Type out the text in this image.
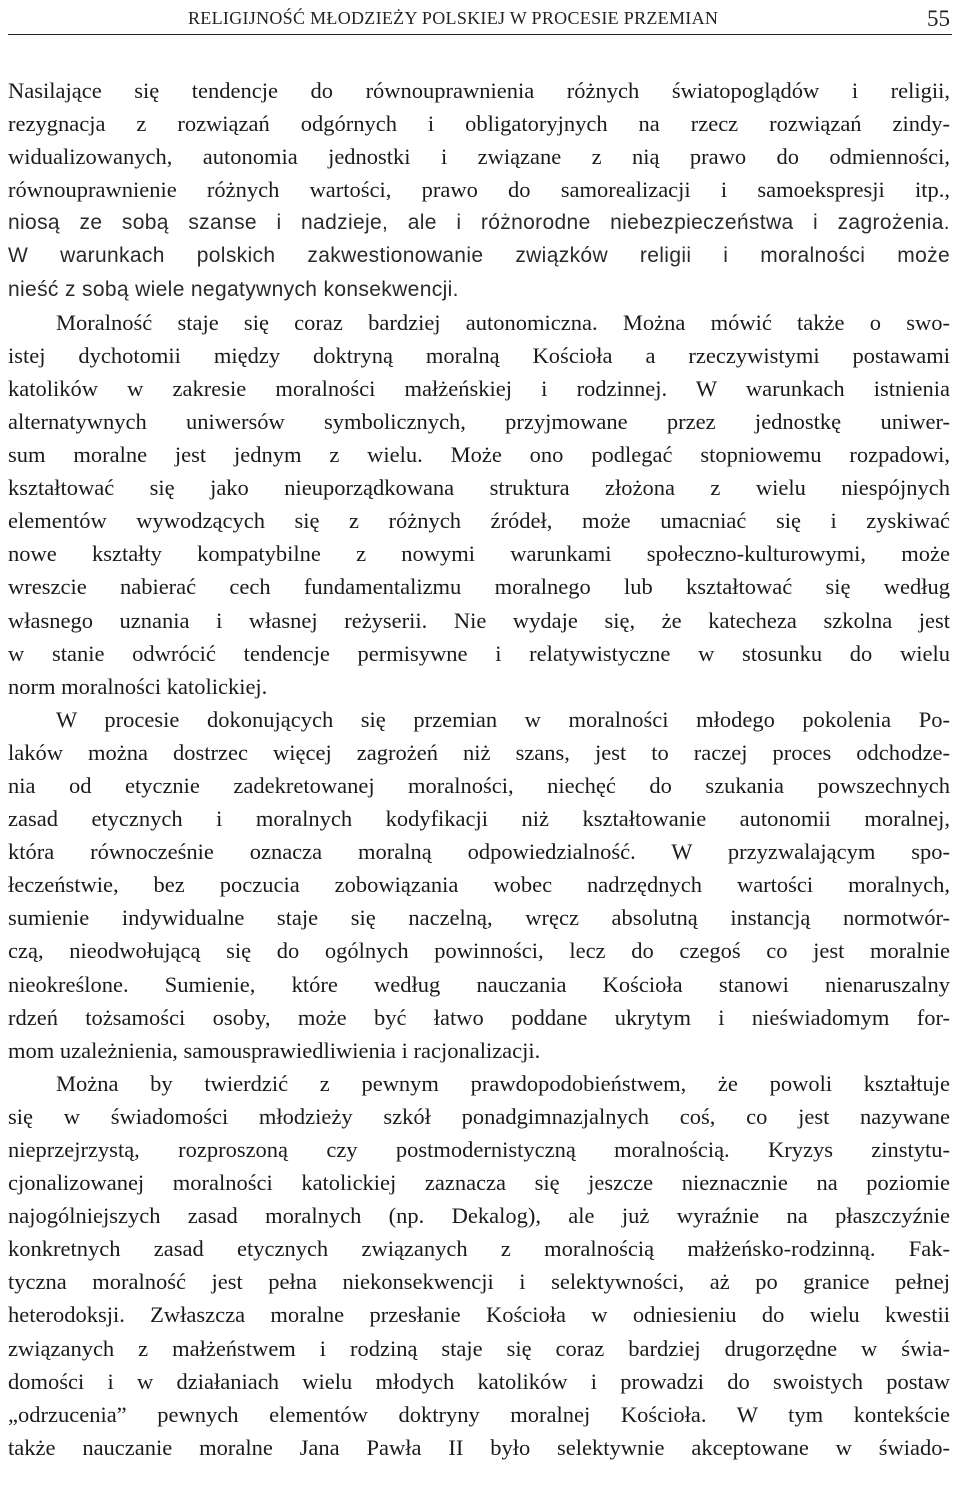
RELIGIJNOŚĆ MŁODZIEŻY POLSKIEJ W PROCESIE PRZEMIAN	55

Nasilające się tendencje do równouprawnienia różnych światopoglądów i religii,
rezygnacja z rozwiązań odgórnych i obligatoryjnych na rzecz rozwiązań zindy-
widualizowanych, autonomia jednostki i związane z nią prawo do odmienności,
równouprawnienie różnych wartości, prawo do samorealizacji i samoekspresji itp.,
niosą ze sobą szanse i nadzieje, ale i różnorodne niebezpieczeństwa i zagrożenia.
W warunkach polskich zakwestionowanie związków religii i moralności może
nieść z sobą wiele negatywnych konsekwencji.

Moralność staje się coraz bardziej autonomiczna. Można mówić także o swo-
istej dychotomii między doktryną moralną Kościoła a rzeczywistymi postawami
katolików w zakresie moralności małżeńskiej i rodzinnej. W warunkach istnienia
alternatywnych uniwersów symbolicznych, przyjmowane przez jednostkę uniwer-
sum moralne jest jednym z wielu. Może ono podlegać stopniowemu rozpadowi,
kształtować się jako nieuporządkowana struktura złożona z wielu niespójnych
elementów wywodzących się z różnych źródeł, może umacniać się i zyskiwać
nowe kształty kompatybilne z nowymi warunkami społeczno-kulturowymi, może
wreszcie nabierać cech fundamentalizmu moralnego lub kształtować się według
własnego uznania i własnej reżyserii. Nie wydaje się, że katecheza szkolna jest
w stanie odwrócić tendencje permisywne i relatywistyczne w stosunku do wielu
norm moralności katolickiej.

W procesie dokonujących się przemian w moralności młodego pokolenia Po-
laków można dostrzec więcej zagrożeń niż szans, jest to raczej proces odchodze-
nia od etycznie zadekretowanej moralności, niechęć do szukania powszechnych
zasad etycznych i moralnych kodyfikacji niż kształtowanie autonomii moralnej,
która równocześnie oznacza moralną odpowiedzialność. W przyzwalającym spo-
łeczeństwie, bez poczucia zobowiązania wobec nadrzędnych wartości moralnych,
sumienie indywidualne staje się naczelną, wręcz absolutną instancją normotwór-
czą, nieodwołującą się do ogólnych powinności, lecz do czegoś co jest moralnie
nieokreślone. Sumienie, które według nauczania Kościoła stanowi nienaruszalny
rdzeń tożsamości osoby, może być łatwo poddane ukrytym i nieświadomym for-
mom uzależnienia, samousprawiedliwienia i racjonalizacji.

Można by twierdzić z pewnym prawdopodobieństwem, że powoli kształtuje
się w świadomości młodzieży szkół ponadgimnazjalnych coś, co jest nazywane
nieprzejrzystą, rozproszoną czy postmodernistyczną moralnością. Kryzys zinstytu-
cjonalizowanej moralności katolickiej zaznacza się jeszcze nieznacznie na poziomie
najogólniejszych zasad moralnych (np. Dekalog), ale już wyraźnie na płaszczyźnie
konkretnych zasad etycznych związanych z moralnością małżeńsko-rodzinną. Fak-
tyczna moralność jest pełna niekonsekwencji i selektywności, aż po granice pełnej
heterodoksji. Zwłaszcza moralne przesłanie Kościoła w odniesieniu do wielu kwestii
związanych z małżeństwem i rodziną staje się coraz bardziej drugorzędne w świa-
domości i w działaniach wielu młodych katolików i prowadzi do swoistych postaw
„odrzucenia” pewnych elementów doktryny moralnej Kościoła. W tym kontekście
także nauczanie moralne Jana Pawła II było selektywnie akceptowane w świado-
